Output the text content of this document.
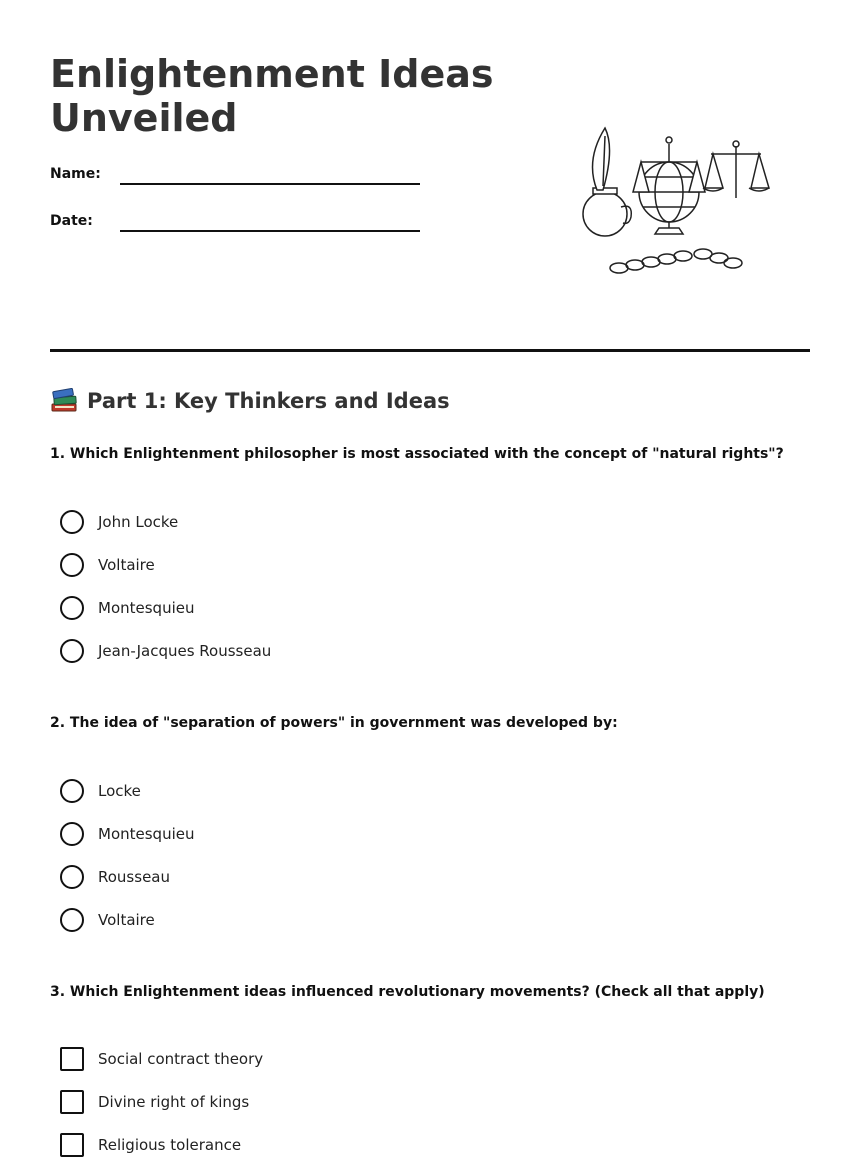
Enlightenment Ideas Unveiled
Name:
Date:
Part 1: Key Thinkers and Ideas

1. Which Enlightenment philosopher is most associated with the concept of "natural rights"?

John Locke
Voltaire
Montesquieu
Jean-Jacques Rousseau

2. The idea of "separation of powers" in government was developed by:

Locke
Montesquieu
Rousseau
Voltaire

3. Which Enlightenment ideas influenced revolutionary movements? (Check all that apply)

Social contract theory
Divine right of kings
Religious tolerance
